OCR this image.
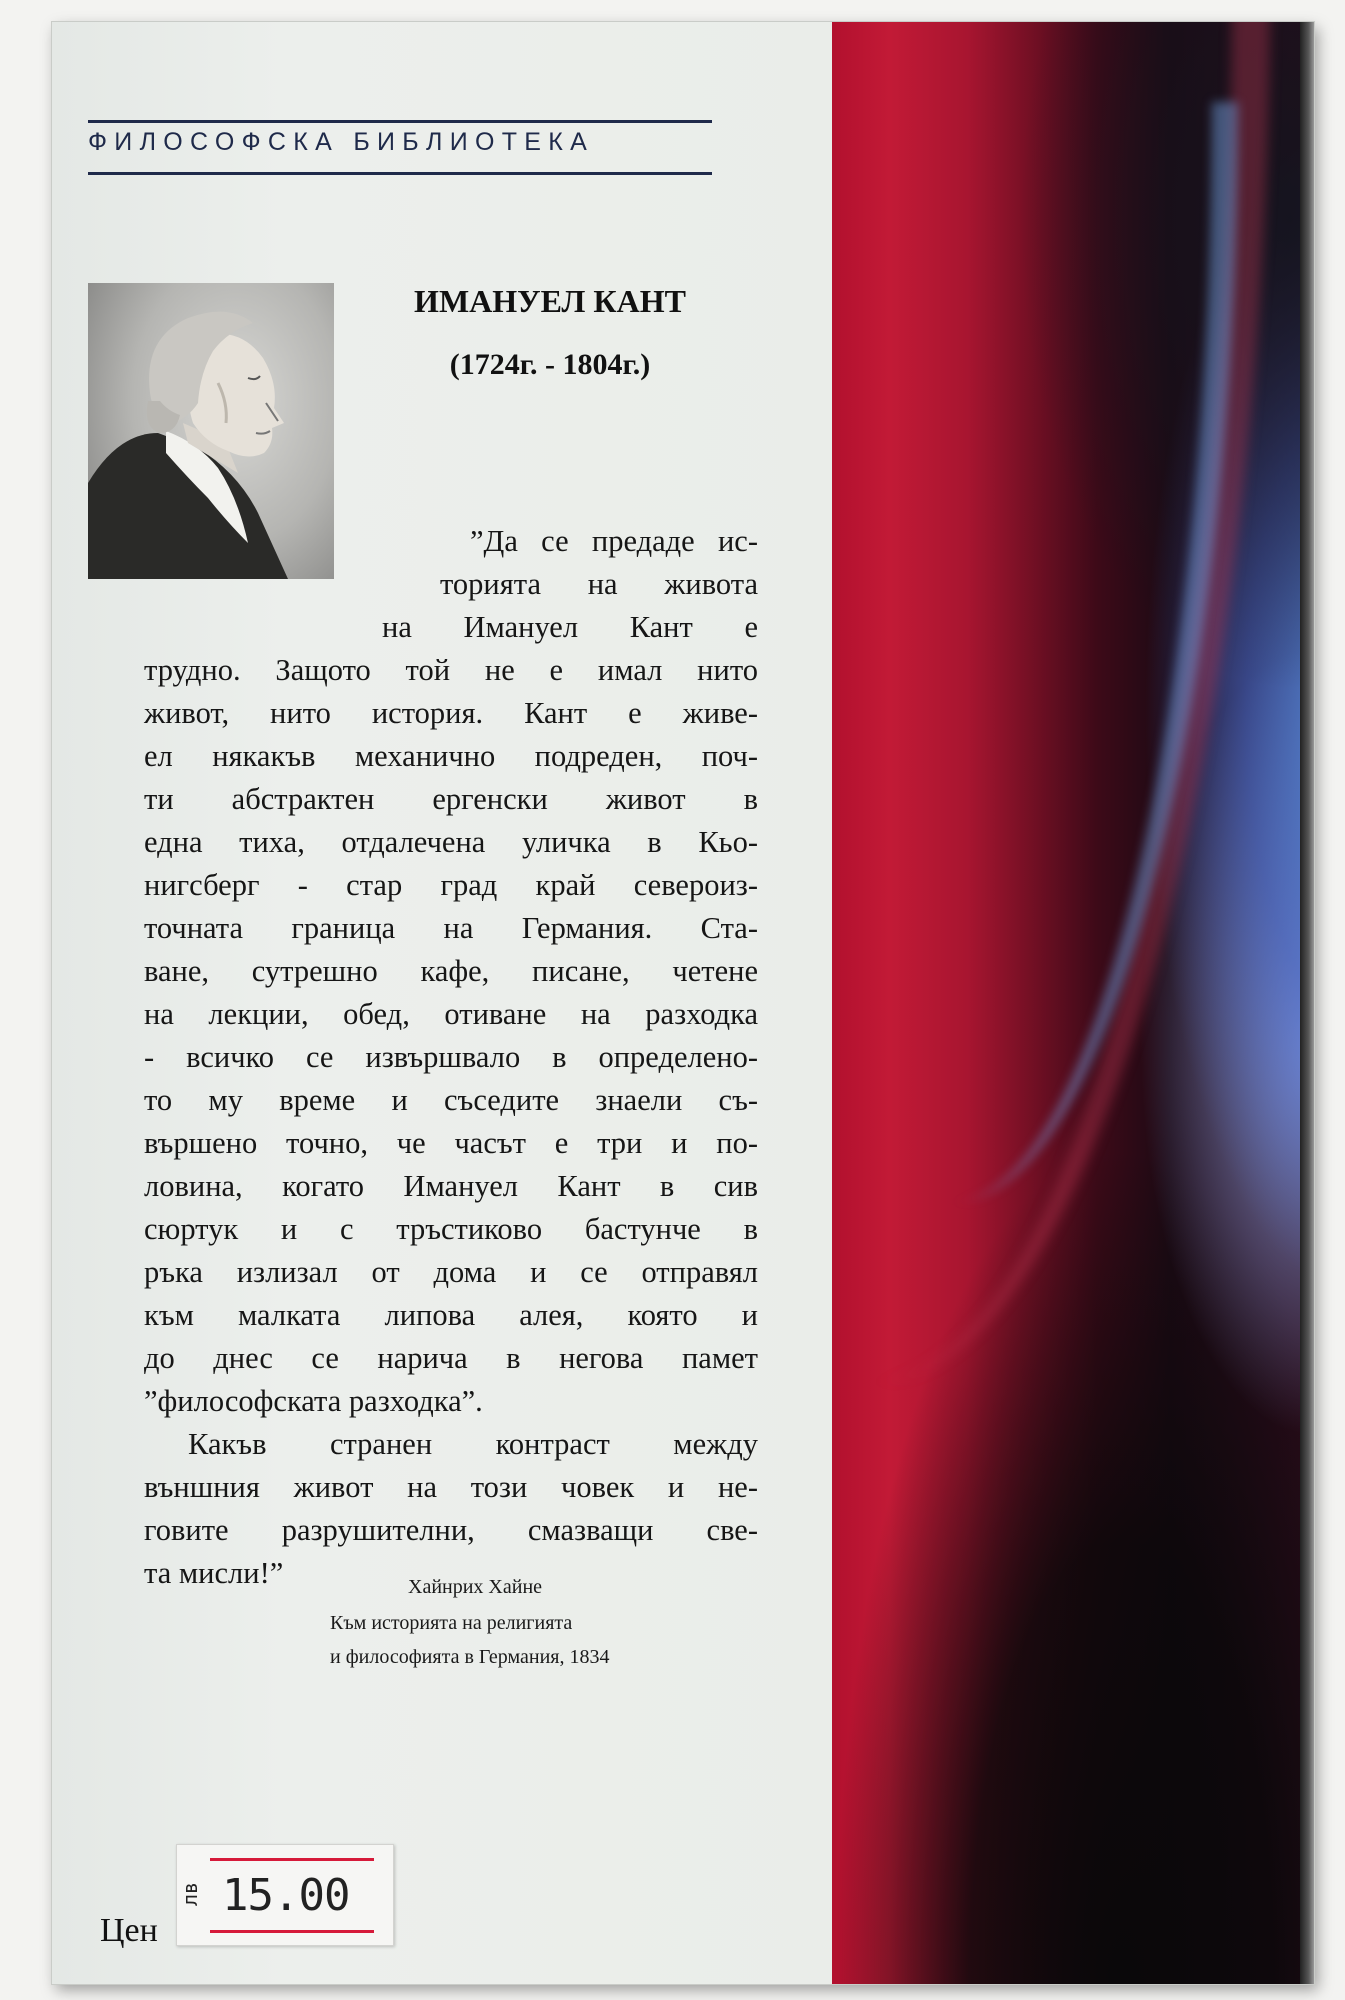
ФИЛОСОФСКА БИБЛИОТЕКА
ИМАНУЕЛ КАНТ
(1724г. - 1804г.)
”Да се предаде ис-
торията на живота
на Имануел Кант е
трудно. Защото той не е имал нито
живот, нито история. Кант е живе-
ел някакъв механично подреден, поч-
ти абстрактен ергенски живот в
една тиха, отдалечена уличка в Кьо-
нигсберг - стар град край североиз-
точната граница на Германия. Ста-
ване, сутрешно кафе, писане, четене
на лекции, обед, отиване на разходка
- всичко се извършвало в определено-
то му време и съседите знаели съ-
вършено точно, че часът е три и по-
ловина, когато Имануел Кант в сив
сюртук и с тръстиково бастунче в
ръка излизал от дома и се отправял
към малката липова алея, която и
до днес се нарича в негова памет
”философската разходка”.
Какъв странен контраст между
външния живот на този човек и не-
говите разрушителни, смазващи све-
та мисли!”	Хайнрих Хайне
Към историята на религията
и философията в Германия, 1834
Цен
лв 15.00
